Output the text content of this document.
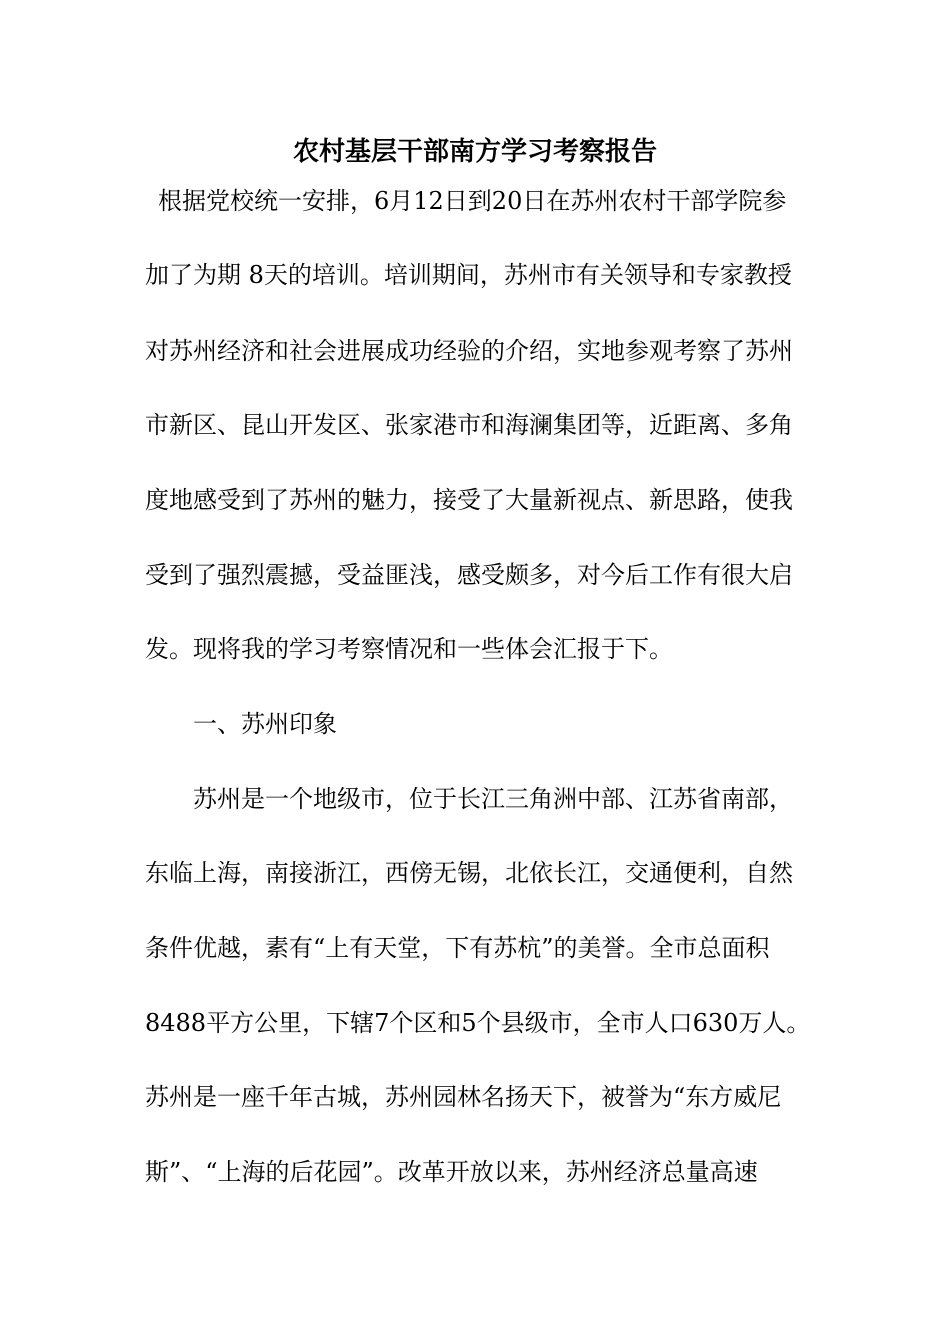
农村基层干部南方学习考察报告
根据党校统一安排，6月12日到20日在苏州农村干部学院参
加了为期 8天的培训。培训期间，苏州市有关领导和专家教授
对苏州经济和社会进展成功经验的介绍，实地参观考察了苏州
市新区、昆山开发区、张家港市和海澜集团等，近距离、多角
度地感受到了苏州的魅力，接受了大量新视点、新思路，使我
受到了强烈震撼，受益匪浅，感受颇多，对今后工作有很大启
发。现将我的学习考察情况和一些体会汇报于下。
一、苏州印象
苏州是一个地级市，位于长江三角洲中部、江苏省南部，
东临上海，南接浙江，西傍无锡，北依长江，交通便利，自然
条件优越，素有“上有天堂，下有苏杭”的美誉。全市总面积
8488平方公里，下辖7个区和5个县级市，全市人口630万人。
苏州是一座千年古城，苏州园林名扬天下，被誉为“东方威尼
斯”、“上海的后花园”。改革开放以来，苏州经济总量高速
